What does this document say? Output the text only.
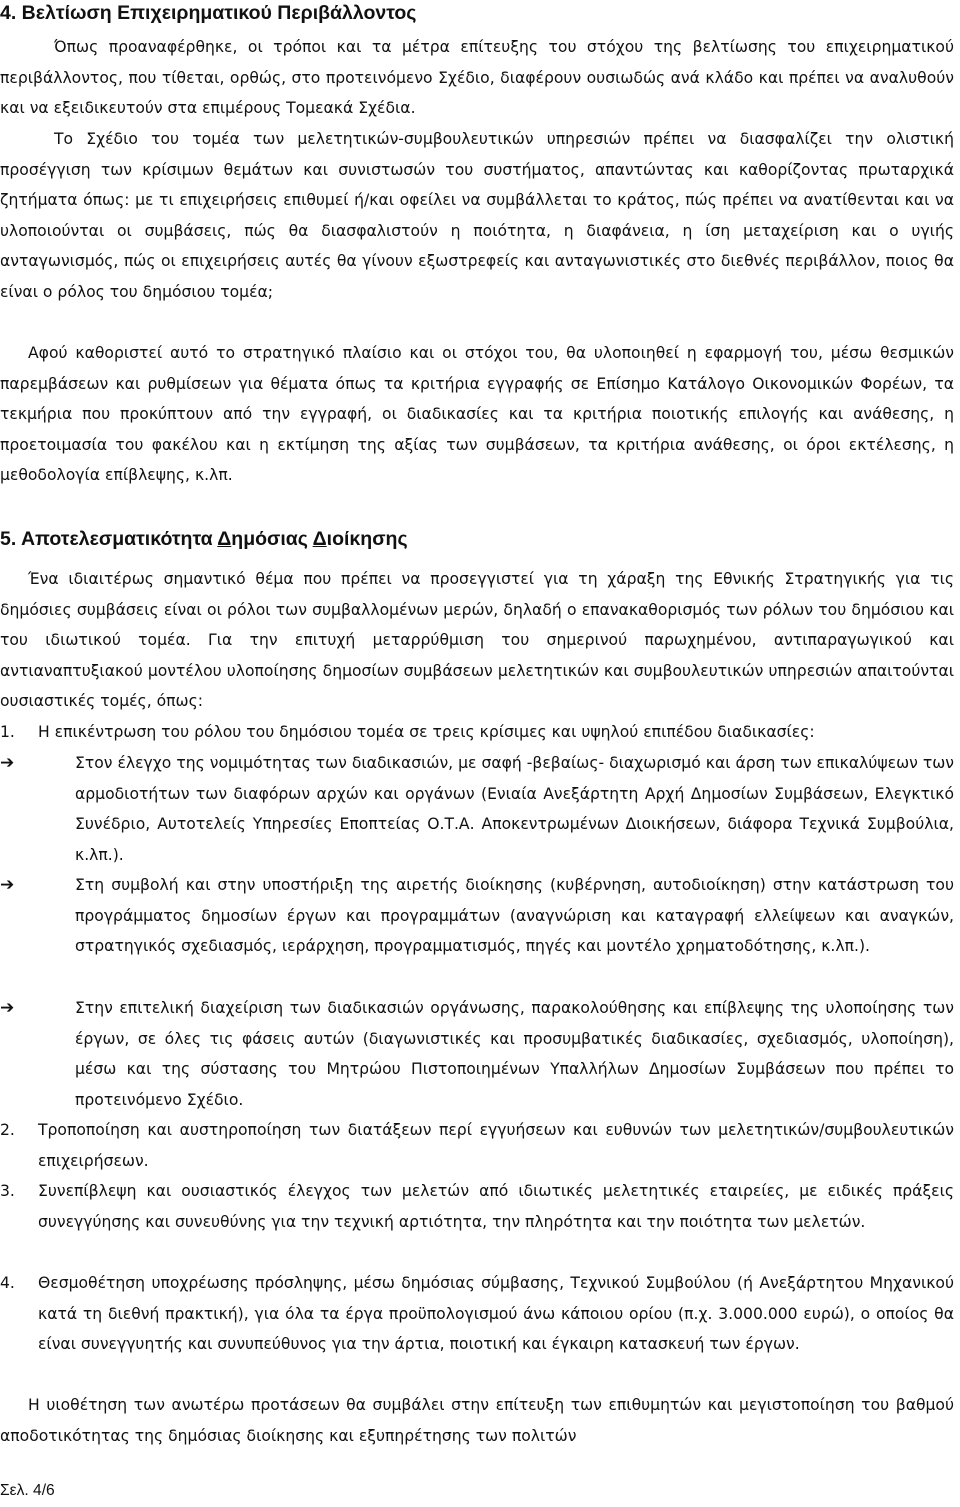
4. Βελτίωση Επιχειρηματικού Περιβάλλοντος

Όπως προαναφέρθηκε, οι τρόποι και τα μέτρα επίτευξης του στόχου της βελτίωσης του επιχειρηματικού περιβάλλοντος, που τίθεται, ορθώς, στο προτεινόμενο Σχέδιο, διαφέρουν ουσιωδώς ανά κλάδο και πρέπει να αναλυθούν και να εξειδικευτούν στα επιμέρους Τομεακά Σχέδια.

Το Σχέδιο του τομέα των μελετητικών-συμβουλευτικών υπηρεσιών πρέπει να διασφαλίζει την ολιστική προσέγγιση των κρίσιμων θεμάτων και συνιστωσών του συστήματος, απαντώντας και καθορίζοντας πρωταρχικά ζητήματα όπως: με τι επιχειρήσεις επιθυμεί ή/και οφείλει να συμβάλλεται το κράτος, πώς πρέπει να ανατίθενται και να υλοποιούνται οι συμβάσεις, πώς θα διασφαλιστούν η ποιότητα, η διαφάνεια, η ίση μεταχείριση και ο υγιής ανταγωνισμός, πώς οι επιχειρήσεις αυτές θα γίνουν εξωστρεφείς και ανταγωνιστικές στο διεθνές περιβάλλον, ποιος θα είναι ο ρόλος του δημόσιου τομέα;

Αφού καθοριστεί αυτό το στρατηγικό πλαίσιο και οι στόχοι του, θα υλοποιηθεί η εφαρμογή του, μέσω θεσμικών παρεμβάσεων και ρυθμίσεων για θέματα όπως τα κριτήρια εγγραφής σε Επίσημο Κατάλογο Οικονομικών Φορέων, τα τεκμήρια που προκύπτουν από την εγγραφή, οι διαδικασίες και τα κριτήρια ποιοτικής επιλογής και ανάθεσης, η προετοιμασία του φακέλου και η εκτίμηση της αξίας των συμβάσεων, τα κριτήρια ανάθεσης, οι όροι εκτέλεσης, η μεθοδολογία επίβλεψης, κ.λπ.

5. Αποτελεσματικότητα Δημόσιας Διοίκησης

Ένα ιδιαιτέρως σημαντικό θέμα που πρέπει να προσεγγιστεί για τη χάραξη της Εθνικής Στρατηγικής για τις δημόσιες συμβάσεις είναι οι ρόλοι των συμβαλλομένων μερών, δηλαδή ο επανακαθορισμός των ρόλων του δημόσιου και του ιδιωτικού τομέα. Για την επιτυχή μεταρρύθμιση του σημερινού παρωχημένου, αντιπαραγωγικού και αντιαναπτυξιακού μοντέλου υλοποίησης δημοσίων συμβάσεων μελετητικών και συμβουλευτικών υπηρεσιών απαιτούνται ουσιαστικές τομές, όπως:

1. Η επικέντρωση του ρόλου του δημόσιου τομέα σε τρεις κρίσιμες και υψηλού επιπέδου διαδικασίες:

➔	Στον έλεγχο της νομιμότητας των διαδικασιών, με σαφή -βεβαίως- διαχωρισμό και άρση των επικαλύψεων των αρμοδιοτήτων των διαφόρων αρχών και οργάνων (Ενιαία Ανεξάρτητη Αρχή Δημοσίων Συμβάσεων, Ελεγκτικό Συνέδριο, Αυτοτελείς Υπηρεσίες Εποπτείας Ο.Τ.Α. Αποκεντρωμένων Διοικήσεων, διάφορα Τεχνικά Συμβούλια, κ.λπ.).

➔	Στη συμβολή και στην υποστήριξη της αιρετής διοίκησης (κυβέρνηση, αυτοδιοίκηση) στην κατάστρωση του προγράμματος δημοσίων έργων και προγραμμάτων (αναγνώριση και καταγραφή ελλείψεων και αναγκών, στρατηγικός σχεδιασμός, ιεράρχηση, προγραμματισμός, πηγές και μοντέλο χρηματοδότησης, κ.λπ.).

➔	Στην επιτελική διαχείριση των διαδικασιών οργάνωσης, παρακολούθησης και επίβλεψης της υλοποίησης των έργων, σε όλες τις φάσεις αυτών (διαγωνιστικές και προσυμβατικές διαδικασίες, σχεδιασμός, υλοποίηση), μέσω και της σύστασης του Μητρώου Πιστοποιημένων Υπαλλήλων Δημοσίων Συμβάσεων που πρέπει το προτεινόμενο Σχέδιο.

2. Τροποποίηση και αυστηροποίηση των διατάξεων περί εγγυήσεων και ευθυνών των μελετητικών/συμβουλευτικών επιχειρήσεων.

3. Συνεπίβλεψη και ουσιαστικός έλεγχος των μελετών από ιδιωτικές μελετητικές εταιρείες, με ειδικές πράξεις συνεγγύησης και συνευθύνης για την τεχνική αρτιότητα, την πληρότητα και την ποιότητα των μελετών.

4. Θεσμοθέτηση υποχρέωσης πρόσληψης, μέσω δημόσιας σύμβασης, Τεχνικού Συμβούλου (ή Ανεξάρτητου Μηχανικού κατά τη διεθνή πρακτική), για όλα τα έργα προϋπολογισμού άνω κάποιου ορίου (π.χ. 3.000.000 ευρώ), ο οποίος θα είναι συνεγγυητής και συνυπεύθυνος για την άρτια, ποιοτική και έγκαιρη κατασκευή των έργων.

Η υιοθέτηση των ανωτέρω προτάσεων θα συμβάλει στην επίτευξη των επιθυμητών και μεγιστοποίηση του βαθμού αποδοτικότητας της δημόσιας διοίκησης και εξυπηρέτησης των πολιτών

Σελ. 4/6
